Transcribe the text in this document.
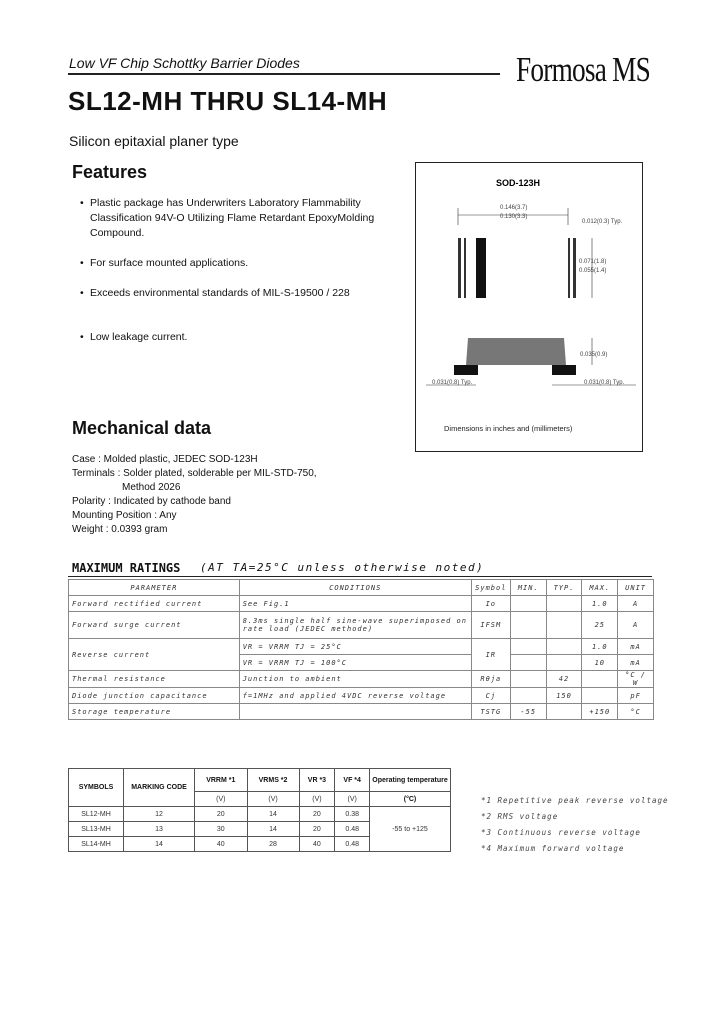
Low VF Chip Schottky Barrier Diodes	Formosa MS
SL12-MH THRU SL14-MH
Silicon epitaxial planer type
Features
• Plastic package has Underwriters Laboratory Flammability Classification 94V-O Utilizing Flame Retardant EpoxyMolding Compound.
• For surface mounted applications.
• Exceeds environmental standards of MIL-S-19500 / 228
• Low leakage current.
SOD-123H
0.146(3.7)
0.130(3.3)
0.012(0.3) Typ.
0.071(1.8)
0.055(1.4)
0.035(0.9)
0.031(0.8) Typ.	0.031(0.8) Typ.
Dimensions in inches and (millimeters)
Mechanical data
Case : Molded plastic, JEDEC SOD-123H
Terminals : Solder plated, solderable per MIL-STD-750,
Method 2026
Polarity : Indicated by cathode band
Mounting Position : Any
Weight : 0.0393 gram
MAXIMUM RATINGS (AT TA=25°C unless otherwise noted)
PARAMETER	CONDITIONS	Symbol	MIN.	TYP.	MAX.	UNIT
Forward rectified current	See Fig.1	Io			1.0	A
Forward surge current	8.3ms single half sine-wave superimposed on rate load (JEDEC methode)	IFSM			25	A
Reverse current	VR = VRRM TJ = 25°C	IR			1.0	mA
	VR = VRRM TJ = 100°C				10	mA
Thermal resistance	Junction to ambient	Rθja		42		°C / W
Diode junction capacitance	f=1MHz and applied 4VDC reverse voltage	Cj		150		pF
Storage temperature		TSTG	-55		+150	°C
SYMBOLS	MARKING CODE	VRRM *1	VRMS *2	VR *3	VF *4	Operating temperature
		(V)	(V)	(V)	(V)	(°C)
SL12-MH	12	20	14	20	0.38	-55 to +125
SL13-MH	13	30	14	20	0.48	
SL14-MH	14	40	28	40	0.48	
*1 Repetitive peak reverse voltage
*2 RMS voltage
*3 Continuous reverse voltage
*4 Maximum forward voltage
